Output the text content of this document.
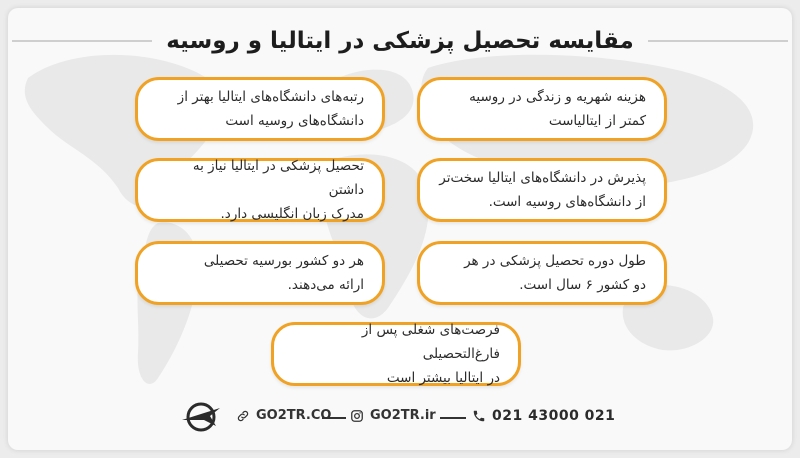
مقایسه تحصیل پزشکی در ایتالیا و روسیه
هزینه شهریه و زندگی در روسیه
کمتر از ایتالیاست
رتبه‌های دانشگاه‌های ایتالیا بهتر از
دانشگاه‌های روسیه است
پذیرش در دانشگاه‌های ایتالیا سخت‌تر
از دانشگاه‌های روسیه است.
تحصیل پزشکی در ایتالیا نیاز به داشتن
مدرک زبان انگلیسی دارد.
طول دوره تحصیل پزشکی در هر
دو کشور ۶ سال است.
هر دو کشور بورسیه تحصیلی
ارائه می‌دهند.
فرصت‌های شغلی پس از فارغ‌التحصیلی
در ایتالیا بیشتر است
021 43000 021
GO2TR.ir
GO2TR.CO
